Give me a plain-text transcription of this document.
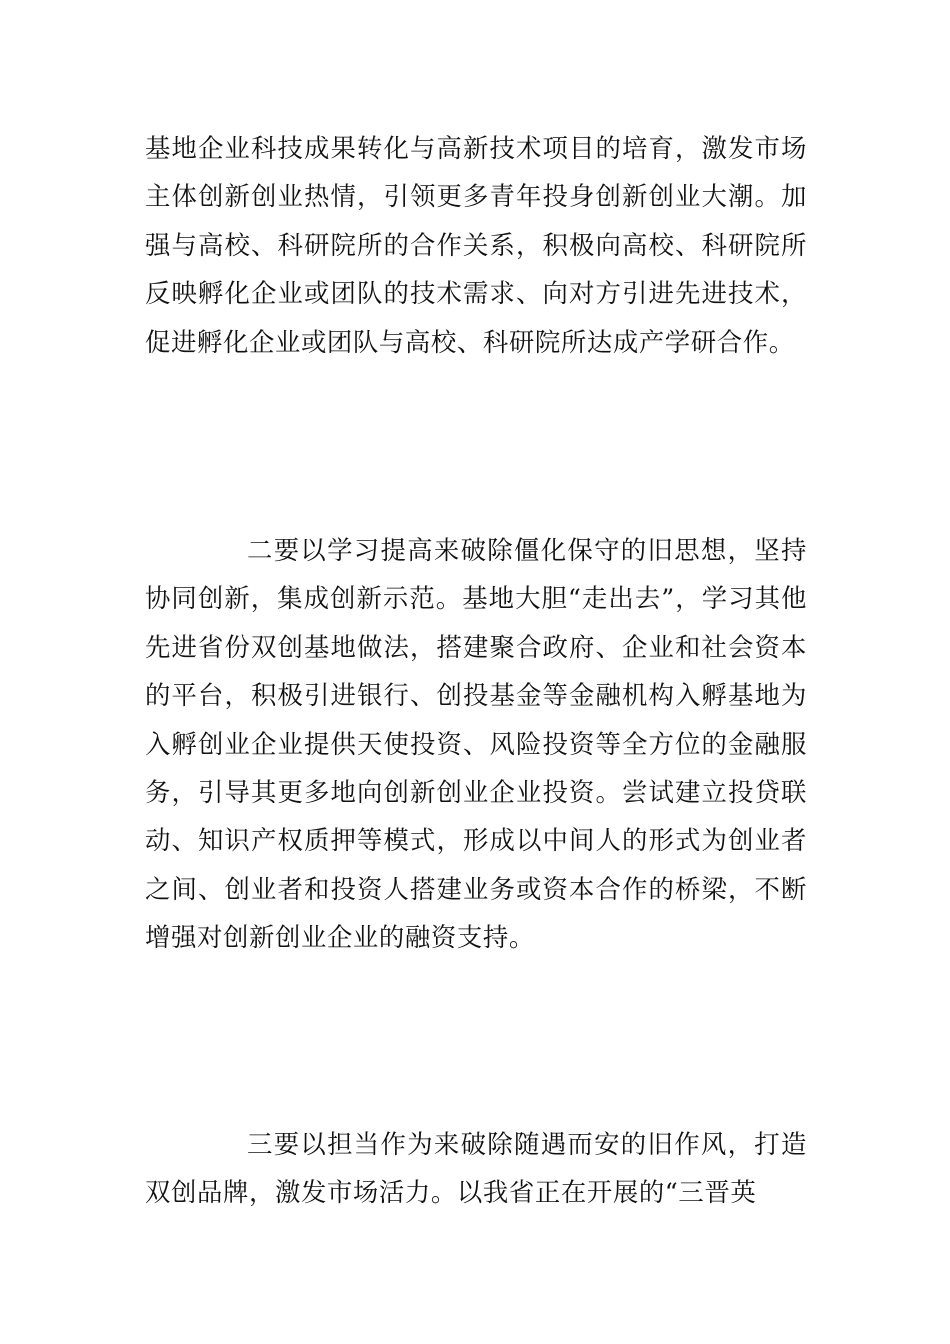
基地企业科技成果转化与高新技术项目的培育，激发市场主体创新创业热情，引领更多青年投身创新创业大潮。加强与高校、科研院所的合作关系，积极向高校、科研院所反映孵化企业或团队的技术需求、向对方引进先进技术，促进孵化企业或团队与高校、科研院所达成产学研合作。

二要以学习提高来破除僵化保守的旧思想，坚持协同创新，集成创新示范。基地大胆“走出去”，学习其他先进省份双创基地做法，搭建聚合政府、企业和社会资本的平台，积极引进银行、创投基金等金融机构入孵基地为入孵创业企业提供天使投资、风险投资等全方位的金融服务，引导其更多地向创新创业企业投资。尝试建立投贷联动、知识产权质押等模式，形成以中间人的形式为创业者之间、创业者和投资人搭建业务或资本合作的桥梁，不断增强对创新创业企业的融资支持。

三要以担当作为来破除随遇而安的旧作风，打造双创品牌，激发市场活力。以我省正在开展的“三晋英
